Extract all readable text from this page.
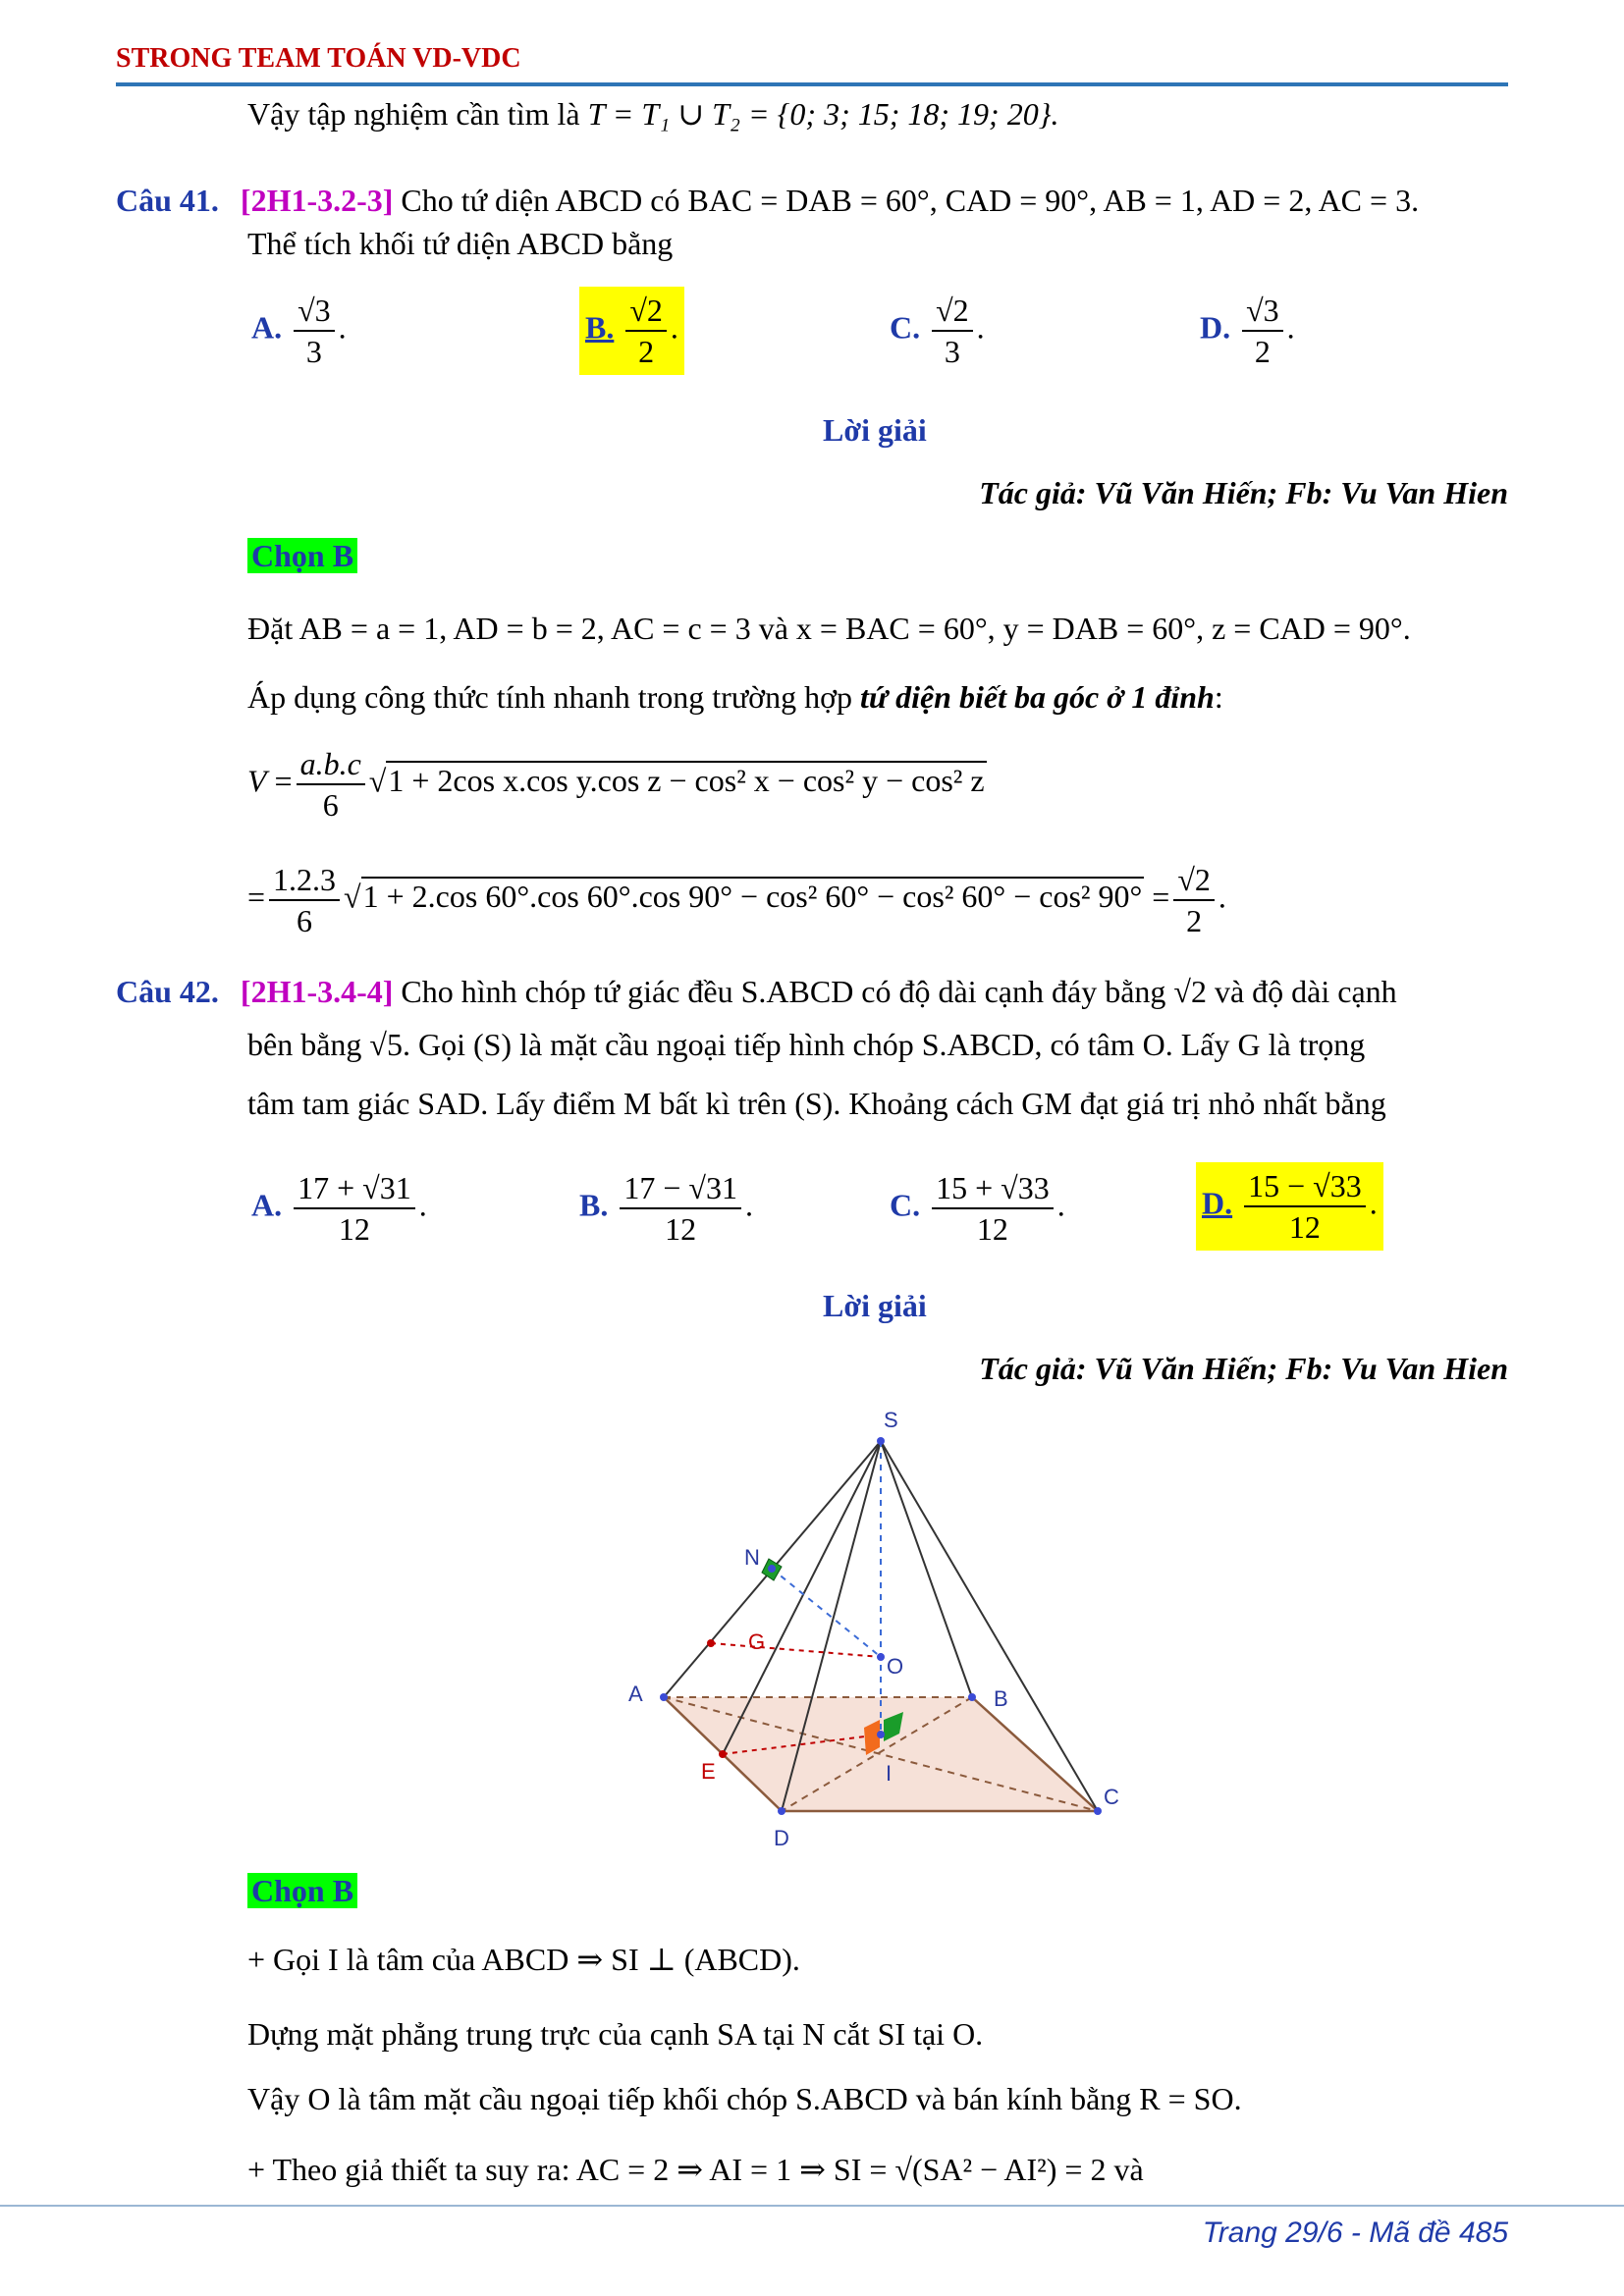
STRONG TEAM TOÁN VD-VDC
Vậy tập nghiệm cần tìm là T = T₁ ∪ T₂ = {0; 3; 15; 18; 19; 20}.
Câu 41. [2H1-3.2-3] Cho tứ diện ABCD có BAC = DAB = 60°, CAD = 90°, AB = 1, AD = 2, AC = 3.
Thể tích khối tứ diện ABCD bằng
A. $\frac{√3}{3}$ .	B. $\frac{√2}{2}$ .	C. $\frac{√2}{3}$ .	D. $\frac{√3}{2}$ .
Lời giải
Tác giả: Vũ Văn Hiến; Fb: Vu Van Hien
Chọn B
Đặt AB = a = 1, AD = b = 2, AC = c = 3 và x = BAC = 60°, y = DAB = 60°, z = CAD = 90°.
Áp dụng công thức tính nhanh trong trường hợp tứ diện biết ba góc ở 1 đỉnh:
$V = \frac{a.b.c}{6} √1 + 2\cos$ x.cos y.cos z − cos² x − cos² y − cos² z
= $\frac{1.2.3}{6} √1 + 2.\cos$ 60°.cos 60°.cos 90° − cos² 60° − cos² 60° − cos² $90^\circ = \frac{√2}{2}$ .
Câu 42. [2H1-3.4-4] Cho hình chóp tứ giác đều S.ABCD có độ dài cạnh đáy bằng √2 và độ dài cạnh
bên bằng √5. Gọi (S) là mặt cầu ngoại tiếp hình chóp S.ABCD, có tâm O. Lấy G là trọng
tâm tam giác SAD. Lấy điểm M bất kì trên (S). Khoảng cách GM đạt giá trị nhỏ nhất bằng
A. $\frac{17 + √31}{12}$ .	B. $\frac{17 - √31}{12}$ .	C. $\frac{15 + √33}{12}$ .	D. $\frac{15 - √33}{12}$ .
Lời giải
Tác giả: Vũ Văn Hiến; Fb: Vu Van Hien
S
N
G
O
A	B
E	I
D
C
Chọn B
+ Gọi I là tâm của ABCD ⇒ SI ⊥ (ABCD).
Dựng mặt phẳng trung trực của cạnh SA tại N cắt SI tại O.
Vậy O là tâm mặt cầu ngoại tiếp khối chóp S.ABCD và bán kính bằng R = SO.
+ Theo giả thiết ta suy ra: AC = 2 ⇒ AI = 1 ⇒ SI = √(SA² − AI²) = 2 và
Trang 29/6 - Mã đề 485
